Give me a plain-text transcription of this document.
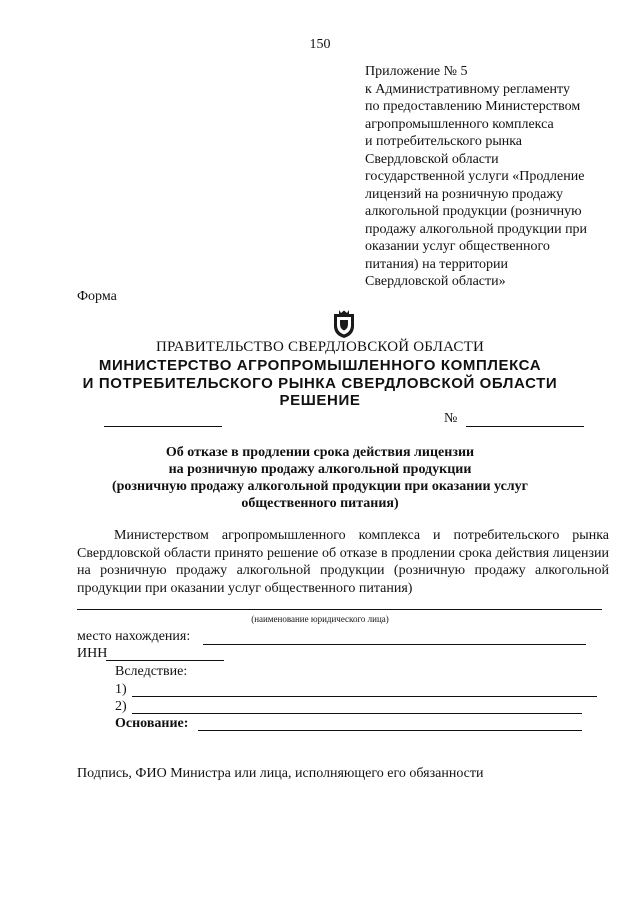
150
Приложение № 5
к Административному регламенту
по предоставлению Министерством
агропромышленного комплекса
и потребительского рынка
Свердловской области
государственной услуги «Продление
лицензий на розничную продажу
алкогольной продукции (розничную
продажу алкогольной продукции при
оказании услуг общественного
питания) на территории
Свердловской области»
Форма
ПРАВИТЕЛЬСТВО СВЕРДЛОВСКОЙ ОБЛАСТИ
МИНИСТЕРСТВО АГРОПРОМЫШЛЕННОГО КОМПЛЕКСА
И ПОТРЕБИТЕЛЬСКОГО РЫНКА СВЕРДЛОВСКОЙ ОБЛАСТИ
РЕШЕНИЕ
№
Об отказе в продлении срока действия лицензии
на розничную продажу алкогольной продукции
(розничную продажу алкогольной продукции при оказании услуг
общественного питания)
Министерством агропромышленного комплекса и потребительского рынка Свердловской области принято решение об отказе в продлении срока действия лицензии на розничную продажу алкогольной продукции (розничную продажу алкогольной продукции при оказании услуг общественного питания)
(наименование юридического лица)
место нахождения:
ИНН
Вследствие:
1)
2)
Основание:
Подпись, ФИО Министра или лица, исполняющего его обязанности
